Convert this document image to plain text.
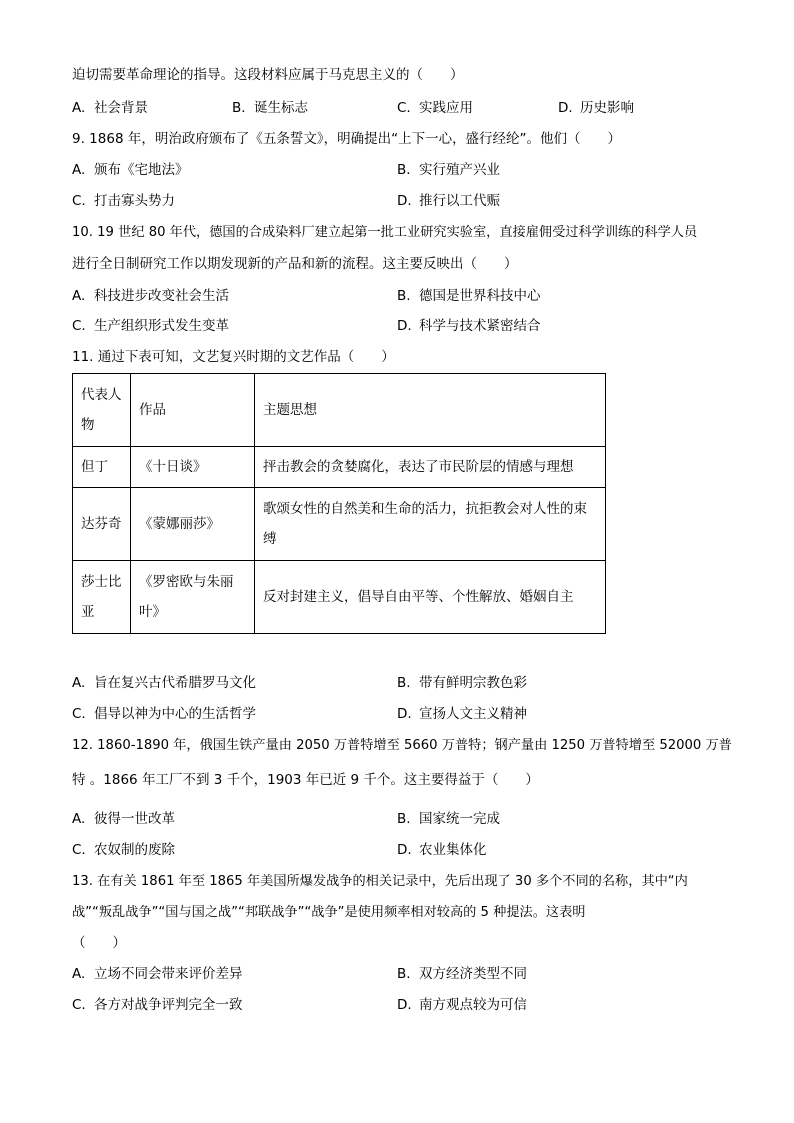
迫切需要革命理论的指导。这段材料应属于马克思主义的（　　）
A. 社会背景	B. 诞生标志	C. 实践应用	D. 历史影响
9. 1868 年，明治政府颁布了《五条誓文》，明确提出“上下一心，盛行经纶”。他们（　　）
A. 颁布《宅地法》	B. 实行殖产兴业
C. 打击寡头势力	D. 推行以工代赈
10. 19 世纪 80 年代，德国的合成染料厂建立起第一批工业研究实验室，直接雇佣受过科学训练的科学人员
进行全日制研究工作以期发现新的产品和新的流程。这主要反映出（　　）
A. 科技进步改变社会生活	B. 德国是世界科技中心
C. 生产组织形式发生变革	D. 科学与技术紧密结合
11. 通过下表可知，文艺复兴时期的文艺作品（　　）
代表人物	作品	主题思想
但丁	《十日谈》	抨击教会的贪婪腐化，表达了市民阶层的情感与理想
达芬奇	《蒙娜丽莎》	歌颂女性的自然美和生命的活力，抗拒教会对人性的束缚
莎士比亚	《罗密欧与朱丽叶》	反对封建主义，倡导自由平等、个性解放、婚姻自主
A. 旨在复兴古代希腊罗马文化	B. 带有鲜明宗教色彩
C. 倡导以神为中心的生活哲学	D. 宣扬人文主义精神
12. 1860-1890 年，俄国生铁产量由 2050 万普特增至 5660 万普特；钢产量由 1250 万普特增至 52000 万普
特 。1866 年工厂不到 3 千个，1903 年已近 9 千个。这主要得益于（　　）
A. 彼得一世改革	B. 国家统一完成
C. 农奴制的废除	D. 农业集体化
13. 在有关 1861 年至 1865 年美国所爆发战争的相关记录中，先后出现了 30 多个不同的名称，其中“内
战”“叛乱战争”“国与国之战”“邦联战争”“战争”是使用频率相对较高的 5 种提法。这表明
（　　）
A. 立场不同会带来评价差异	B. 双方经济类型不同
C. 各方对战争评判完全一致	D. 南方观点较为可信
